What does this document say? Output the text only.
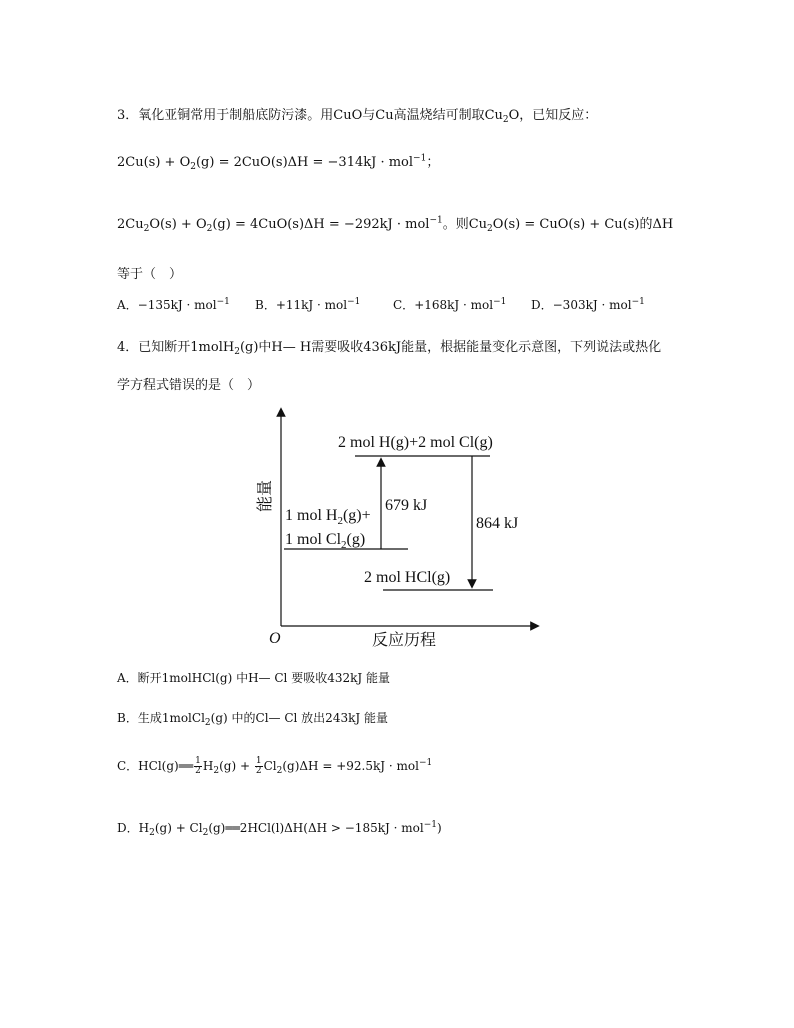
3．氧化亚铜常用于制船底防污漆。用CuO与Cu高温烧结可制取$Cu_2O$，已知反应：
$2Cu(s) + O_2(g) = 2CuO(s)\Delta H = -314kJ \cdot mol^{-1}$；
$2Cu_2O(s) + O_2(g) = 4CuO(s)\Delta H = -292kJ \cdot mol^{-1}$。则$Cu_2O(s) = CuO(s) + Cu(s)$的ΔH
等于（　）
A．−135kJ · mol$^{-1}$ B．+11kJ · mol$^{-1}$	C．+168kJ · mol$^{-1}$ D．−303kJ · mol$^{-1}$
4．已知断开1molH$_2$(g)中H— H需要吸收436kJ能量，根据能量变化示意图，下列说法或热化
学方程式错误的是（　）
2 mol H(g)+2 mol Cl(g)
679 kJ
864 kJ
1 mol $H_2(g)+$
1 mol $Cl_2(g)$
2 mol HCl(g)
O	反应历程
能量
A．断开1molHCl(g) 中H— Cl 要吸收432kJ 能量
B．生成1molCl$_2$(g) 中的Cl— Cl 放出243kJ 能量
C．HCl(g)══ $\frac{1}{2} H_2(g) + \frac{1}{2} Cl_2(g)\Delta H = +92.5kJ \cdot mol^{-1}$
D．$H_2(g)$ + $Cl_2(g)══2HCl(l)\Delta H(\Delta H > -185kJ \cdot mol^{-1})$
